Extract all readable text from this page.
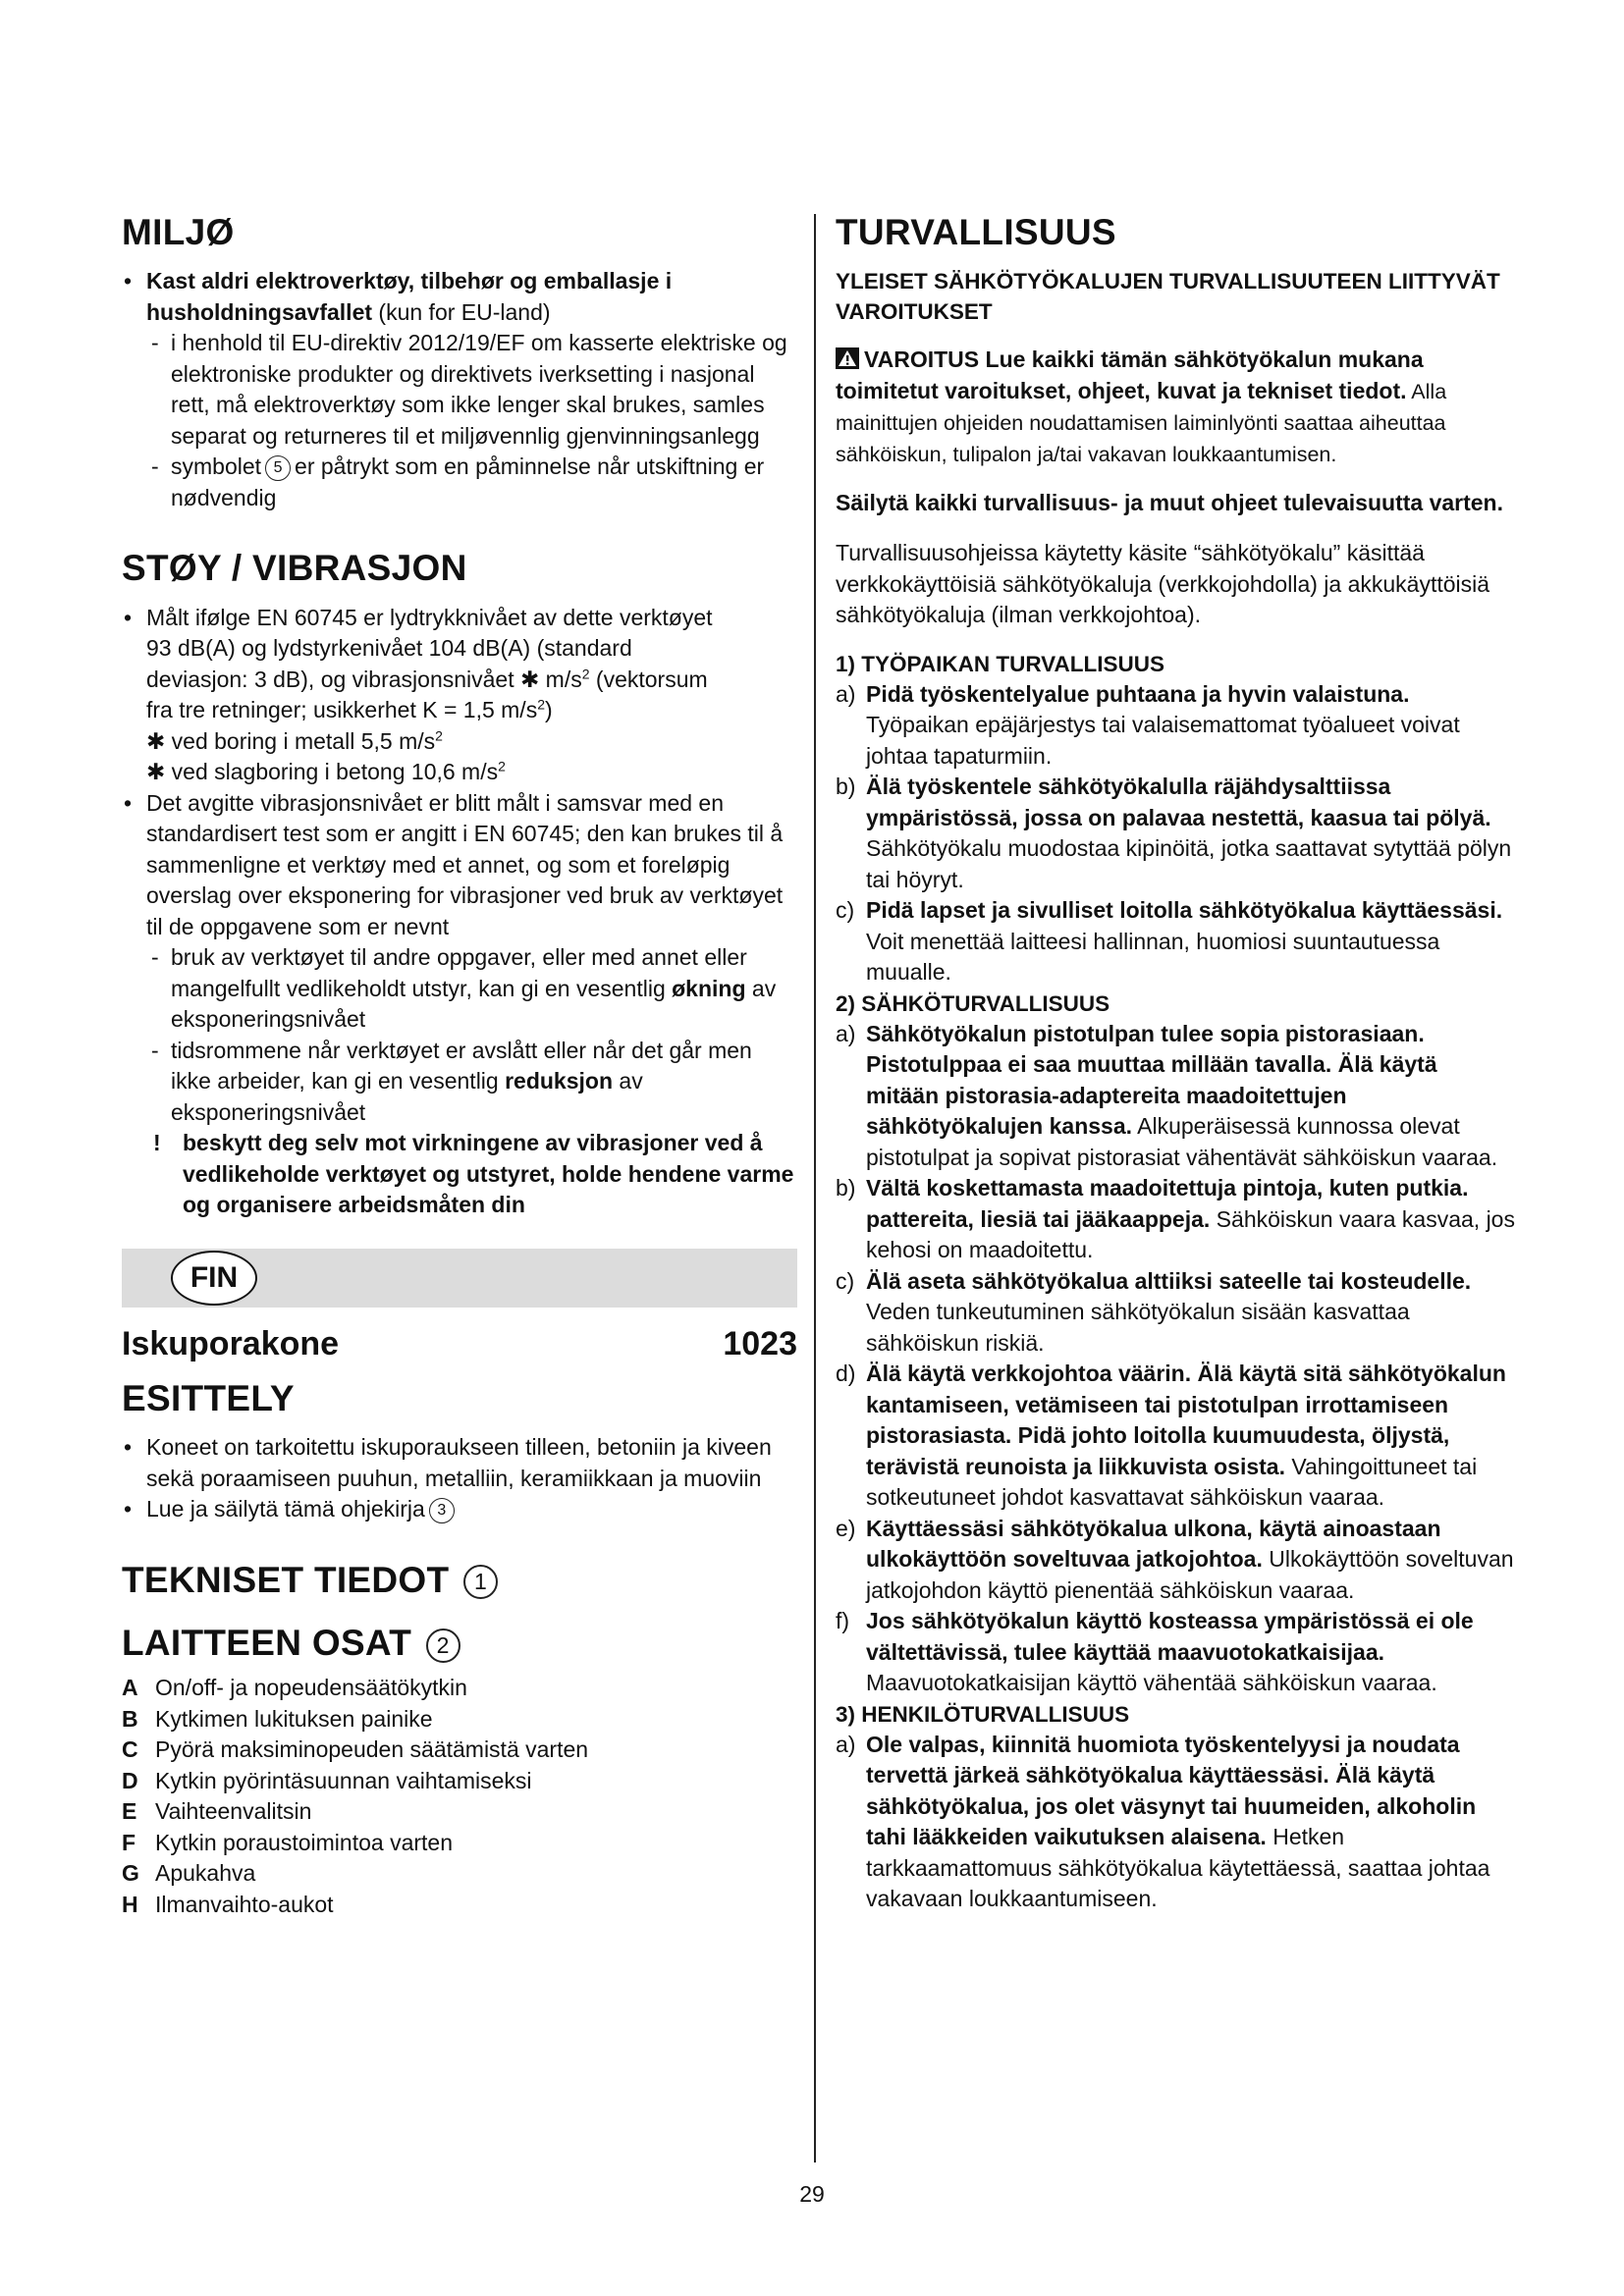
MILJØ

• Kast aldri elektroverktøy, tilbehør og emballasje i husholdningsavfallet (kun for EU-land)

- i henhold til EU-direktiv 2012/19/EF om kasserte elektriske og elektroniske produkter og direktivets iverksetting i nasjonal rett, må elektroverktøy som ikke lenger skal brukes, samles separat og returneres til et miljøvennlig gjenvinningsanlegg

- symbolet 5 er påtrykt som en påminnelse når utskiftning er nødvendig

STØY / VIBRASJON
• Målt ifølge EN 60745 er lydtrykknivået av dette verktøyet
93 dB(A) og lydstyrkenivået 104 dB(A) (standard
deviasjon: 3 dB), og vibrasjonsnivået ✱ $m/s^2$ (vektorsum
fra tre retninger; usikkerhet K = 1,5 $m/s^2$)
✱ ved boring i metall 5,5 $m/s^2$
✱ ved slagboring i betong 10,6 $m/s^2$

• Det avgitte vibrasjonsnivået er blitt målt i samsvar med en standardisert test som er angitt i EN 60745; den kan brukes til å sammenligne et verktøy med et annet, og som et foreløpig overslag over eksponering for vibrasjoner ved bruk av verktøyet til de oppgavene som er nevnt

- bruk av verktøyet til andre oppgaver, eller med annet eller mangelfullt vedlikeholdt utstyr, kan gi en vesentlig økning av eksponeringsnivået

- tidsrommene når verktøyet er avslått eller når det går men ikke arbeider, kan gi en vesentlig reduksjon av eksponeringsnivået

! beskytt deg selv mot virkningene av vibrasjoner ved å vedlikeholde verktøyet og utstyret, holde hendene varme og organisere arbeidsmåten din

FIN
Iskuporakone	1023
ESITTELY

• Koneet on tarkoitettu iskuporaukseen tilleen, betoniin ja kiveen sekä poraamiseen puuhun, metalliin, keramiikkaan ja muoviin

• Lue ja säilytä tämä ohjekirja 3

TEKNISET TIEDOT 1
LAITTEEN OSAT 2
A On/off- ja nopeudensäätökytkin
B Kytkimen lukituksen painike
C Pyörä maksiminopeuden säätämistä varten
D Kytkin pyörintäsuunnan vaihtamiseksi
E Vaihteenvalitsin
F Kytkin poraustoimintoa varten
G Apukahva
H Ilmanvaihto-aukot
TURVALLISUUS

YLEISET SÄHKÖTYÖKALUJEN TURVALLISUUTEEN LIITTYVÄT VAROITUKSET

VAROITUS Lue kaikki tämän sähkötyökalun mukana toimitetut varoitukset, ohjeet, kuvat ja tekniset tiedot. Alla mainittujen ohjeiden noudattamisen laiminlyönti saattaa aiheuttaa sähköiskun, tulipalon ja/tai vakavan loukkaantumisen.

Säilytä kaikki turvallisuus- ja muut ohjeet tulevaisuutta varten.

Turvallisuusohjeissa käytetty käsite “sähkötyökalu” käsittää verkkokäyttöisiä sähkötyökaluja (verkkojohdolla) ja akkukäyttöisiä sähkötyökaluja (ilman verkkojohtoa).

1) TYÖPAIKAN TURVALLISUUS

a) Pidä työskentelyalue puhtaana ja hyvin valaistuna. Työpaikan epäjärjestys tai valaisemattomat työalueet voivat johtaa tapaturmiin.

b) Älä työskentele sähkötyökalulla räjähdysalttiissa ympäristössä, jossa on palavaa nestettä, kaasua tai pölyä. Sähkötyökalu muodostaa kipinöitä, jotka saattavat sytyttää pölyn tai höyryt.

c) Pidä lapset ja sivulliset loitolla sähkötyökalua käyttäessäsi. Voit menettää laitteesi hallinnan, huomiosi suuntautuessa muualle.

2) SÄHKÖTURVALLISUUS

a) Sähkötyökalun pistotulpan tulee sopia pistorasiaan. Pistotulppaa ei saa muuttaa millään tavalla. Älä käytä mitään pistorasia-adaptereita maadoitettujen sähkötyökalujen kanssa. Alkuperäisessä kunnossa olevat pistotulpat ja sopivat pistorasiat vähentävät sähköiskun vaaraa.

b) Vältä koskettamasta maadoitettuja pintoja, kuten putkia. pattereita, liesiä tai jääkaappeja. Sähköiskun vaara kasvaa, jos kehosi on maadoitettu.

c) Älä aseta sähkötyökalua alttiiksi sateelle tai kosteudelle. Veden tunkeutuminen sähkötyökalun sisään kasvattaa sähköiskun riskiä.

d) Älä käytä verkkojohtoa väärin. Älä käytä sitä sähkötyökalun kantamiseen, vetämiseen tai pistotulpan irrottamiseen pistorasiasta. Pidä johto loitolla kuumuudesta, öljystä, terävistä reunoista ja liikkuvista osista. Vahingoittuneet tai sotkeutuneet johdot kasvattavat sähköiskun vaaraa.

e) Käyttäessäsi sähkötyökalua ulkona, käytä ainoastaan ulkokäyttöön soveltuvaa jatkojohtoa. Ulkokäyttöön soveltuvan jatkojohdon käyttö pienentää sähköiskun vaaraa.

f) Jos sähkötyökalun käyttö kosteassa ympäristössä ei ole vältettävissä, tulee käyttää maavuotokatkaisijaa. Maavuotokatkaisijan käyttö vähentää sähköiskun vaaraa.

3) HENKILÖTURVALLISUUS

a) Ole valpas, kiinnitä huomiota työskentelyysi ja noudata tervettä järkeä sähkötyökalua käyttäessäsi. Älä käytä sähkötyökalua, jos olet väsynyt tai huumeiden, alkoholin tahi lääkkeiden vaikutuksen alaisena. Hetken tarkkaamattomuus sähkötyökalua käytettäessä, saattaa johtaa vakavaan loukkaantumiseen.

29
